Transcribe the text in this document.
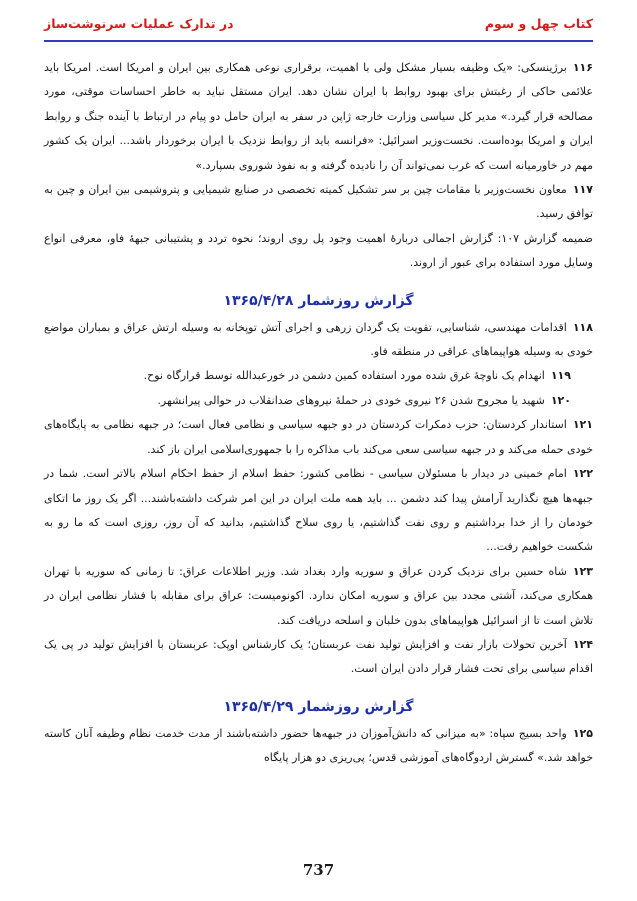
کتاب چهل و سوم
در تدارک عملیات سرنوشت‌ساز

۱۱۶برژینسکی: «یک وظیفه بسیار مشکل ولی با اهمیت، برقراری نوعی همکاری بین ایران و امریکا است. امریکا باید علائمی حاکی از رغبتش برای بهبود روابط با ایران نشان دهد. ایران مستقل نباید به خاطر احساسات موقتی، مورد مصالحه قرار گیرد.» مدیر کل سیاسی وزارت خارجه ژاپن در سفر به ایران حامل دو پیام در ارتباط با آینده جنگ و روابط ایران و امریکا بوده‌است. نخست‌وزیر اسرائیل: «فرانسه باید از روابط نزدیک با ایران برخوردار باشد... ایران یک کشور مهم در خاورمیانه است که غرب نمی‌تواند آن را نادیده گرفته و به نفوذ شوروی بسپارد.»

۱۱۷معاون نخست‌وزیر با مقامات چین بر سر تشکیل کمیته تخصصی در صنایع شیمیایی و پتروشیمی بین ایران و چین به توافق رسید.

ضمیمه گزارش ۱۰۷: گزارش اجمالی دربارهٔ اهمیت وجود پل روی اروند؛ نحوه تردد و پشتیبانی جبههٔ فاو، معرفی انواع وسایل مورد استفاده برای عبور از اروند.

گزارش روزشمار ۱۳۶۵/۴/۲۸

۱۱۸اقدامات مهندسی، شناسایی، تقویت یک گردان زرهی و اجرای آتش توپخانه به وسیله ارتش عراق و بمباران مواضع خودی به وسیله هواپیماهای عراقی در منطقه فاو.

۱۱۹انهدام یک ناوچهٔ غرق شده مورد استفاده کمین دشمن در خورعبدالله توسط قرارگاه نوح.

۱۲۰شهید یا مجروح شدن ۲۶ نیروی خودی در حملهٔ نیروهای ضدانقلاب در حوالی پیرانشهر.

۱۲۱استاندار کردستان: حزب دمکرات کردستان در دو جبهه سیاسی و نظامی فعال است؛ در جبهه نظامی به پایگاه‌های خودی حمله می‌کند و در جبهه سیاسی سعی می‌کند باب مذاکره را با جمهوری‌اسلامی ایران باز کند.

۱۲۲امام خمینی در دیدار با مسئولان سیاسی - نظامی کشور: حفظ اسلام از حفظ احکام اسلام بالاتر است. شما در جبهه‌ها هیچ نگذارید آرامش پیدا کند دشمن ... باید همه ملت ایران در این امر شرکت داشته‌باشند... اگر یک روز ما اتکای خودمان را از خدا برداشتیم و روی نفت گذاشتیم، یا روی سلاح گذاشتیم، بدانید که آن روز، روزی است که ما رو به شکست خواهیم رفت...

۱۲۳شاه حسین برای نزدیک کردن عراق و سوریه وارد بغداد شد. وزیر اطلاعات عراق: تا زمانی که سوریه با تهران همکاری می‌کند، آشتی مجدد بین عراق و سوریه امکان ندارد. اکونومیست: عراق برای مقابله با فشار نظامی ایران در تلاش است تا از اسرائیل هواپیماهای بدون خلبان و اسلحه دریافت کند.

۱۲۴آخرین تحولات بازار نفت و افزایش تولید نفت عربستان؛ یک کارشناس اوپک: عربستان با افزایش تولید در پی یک اقدام سیاسی برای تحت فشار قرار دادن ایران است.

گزارش روزشمار ۱۳۶۵/۴/۲۹

۱۲۵واحد بسیج سپاه: «به میزانی که دانش‌آموزان در جبهه‌ها حضور داشته‌باشند از مدت خدمت نظام وظیفه آنان کاسته خواهد شد.» گسترش اردوگاه‌های آموزشی قدس؛ پی‌ریزی دو هزار پایگاه

737
